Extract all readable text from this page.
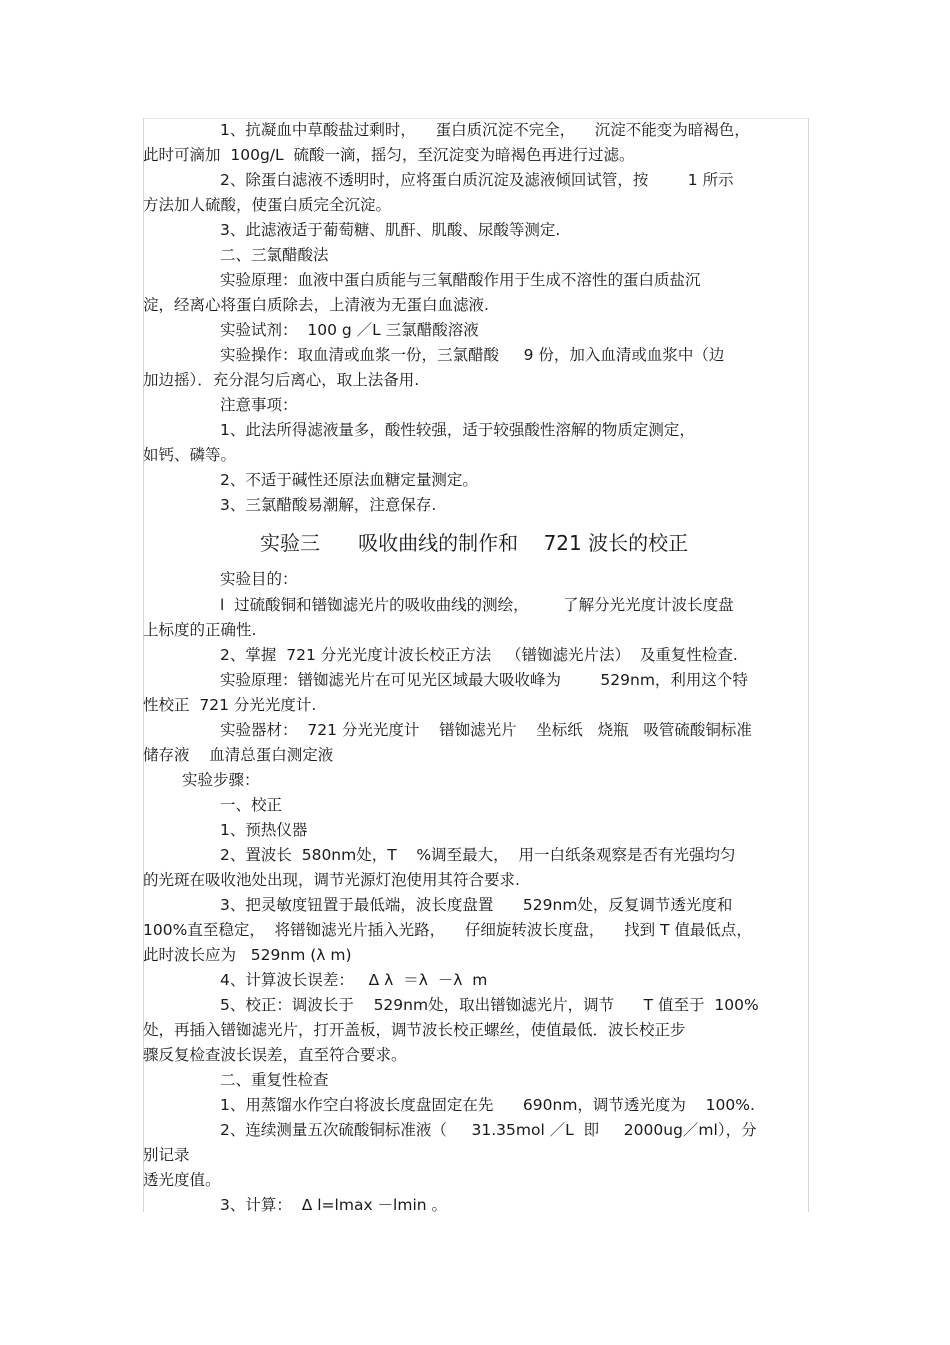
1、抗凝血中草酸盐过剩时，    蛋白质沉淀不完全，    沉淀不能变为暗褐色，
此时可滴加  100g/L  硫酸一滴，摇匀，至沉淀变为暗褐色再进行过滤。
2、除蛋白滤液不透明时，应将蛋白质沉淀及滤液倾回试管，按        1 所示
方法加人硫酸，使蛋白质完全沉淀。
3、此滤液适于葡萄糖、肌酐、肌酸、尿酸等测定.
二、三氯醋酸法
实验原理：血液中蛋白质能与三氧醋酸作用于生成不溶性的蛋白质盐沉
淀，经离心将蛋白质除去，上清液为无蛋白血滤液.
实验试剂：  100 g ／L 三氯醋酸溶液
实验操作：取血清或血浆一份，三氯醋酸     9 份，加入血清或血浆中（边
加边摇）．充分混匀后离心，取上法备用.
注意事项：
1、此法所得滤液量多，酸性较强，适于较强酸性溶解的物质定测定，
如钙、磷等。
2、不适于碱性还原法血糖定量测定。
3、三氯醋酸易潮解，注意保存.
实验目的：
l  过硫酸铜和镨铷滤光片的吸收曲线的测绘，       了解分光光度计波长度盘
上标度的正确性.
2、掌握  721 分光光度计波长校正方法   （镨铷滤光片法）  及重复性检查.
实验原理：镨铷滤光片在可见光区域最大吸收峰为        529nm，利用这个特
性校正  721 分光光度计.
实验器材：  721 分光光度计    镨铷滤光片    坐标纸   烧瓶   吸管硫酸铜标准
储存液    血清总蛋白测定液
实验步骤：
一、校正
1、预热仪器
2、置波长  580nm处，T    %调至最大，  用一白纸条观察是否有光强均匀
的光斑在吸收池处出现，调节光源灯泡使用其符合要求.
3、把灵敏度钮置于最低端，波长度盘置      529nm处，反复调节透光度和
100%直至稳定，  将镨铷滤光片插入光路，    仔细旋转波长度盘，    找到 T 值最低点，
此时波长应为   529nm (λ m)
4、计算波长误差：   Δ λ  ＝λ  －λ  m
5、校正：调波长于    529nm处，取出镨铷滤光片，调节      T 值至于  100%
处，再插入镨铷滤光片，打开盖板，调节波长校正螺丝，使值最低．波长校正步
骤反复检查波长误差，直至符合要求。
二、重复性检查
1、用蒸馏水作空白将波长度盘固定在先      690nm，调节透光度为    100%.
2、连续测量五次硫酸铜标准液（     31.35mol ／L  即     2000ug／ml），分
别记录
透光度值。
3、计算：  Δ l=lmax －lmin 。
实验三      吸收曲线的制作和    721 波长的校正
